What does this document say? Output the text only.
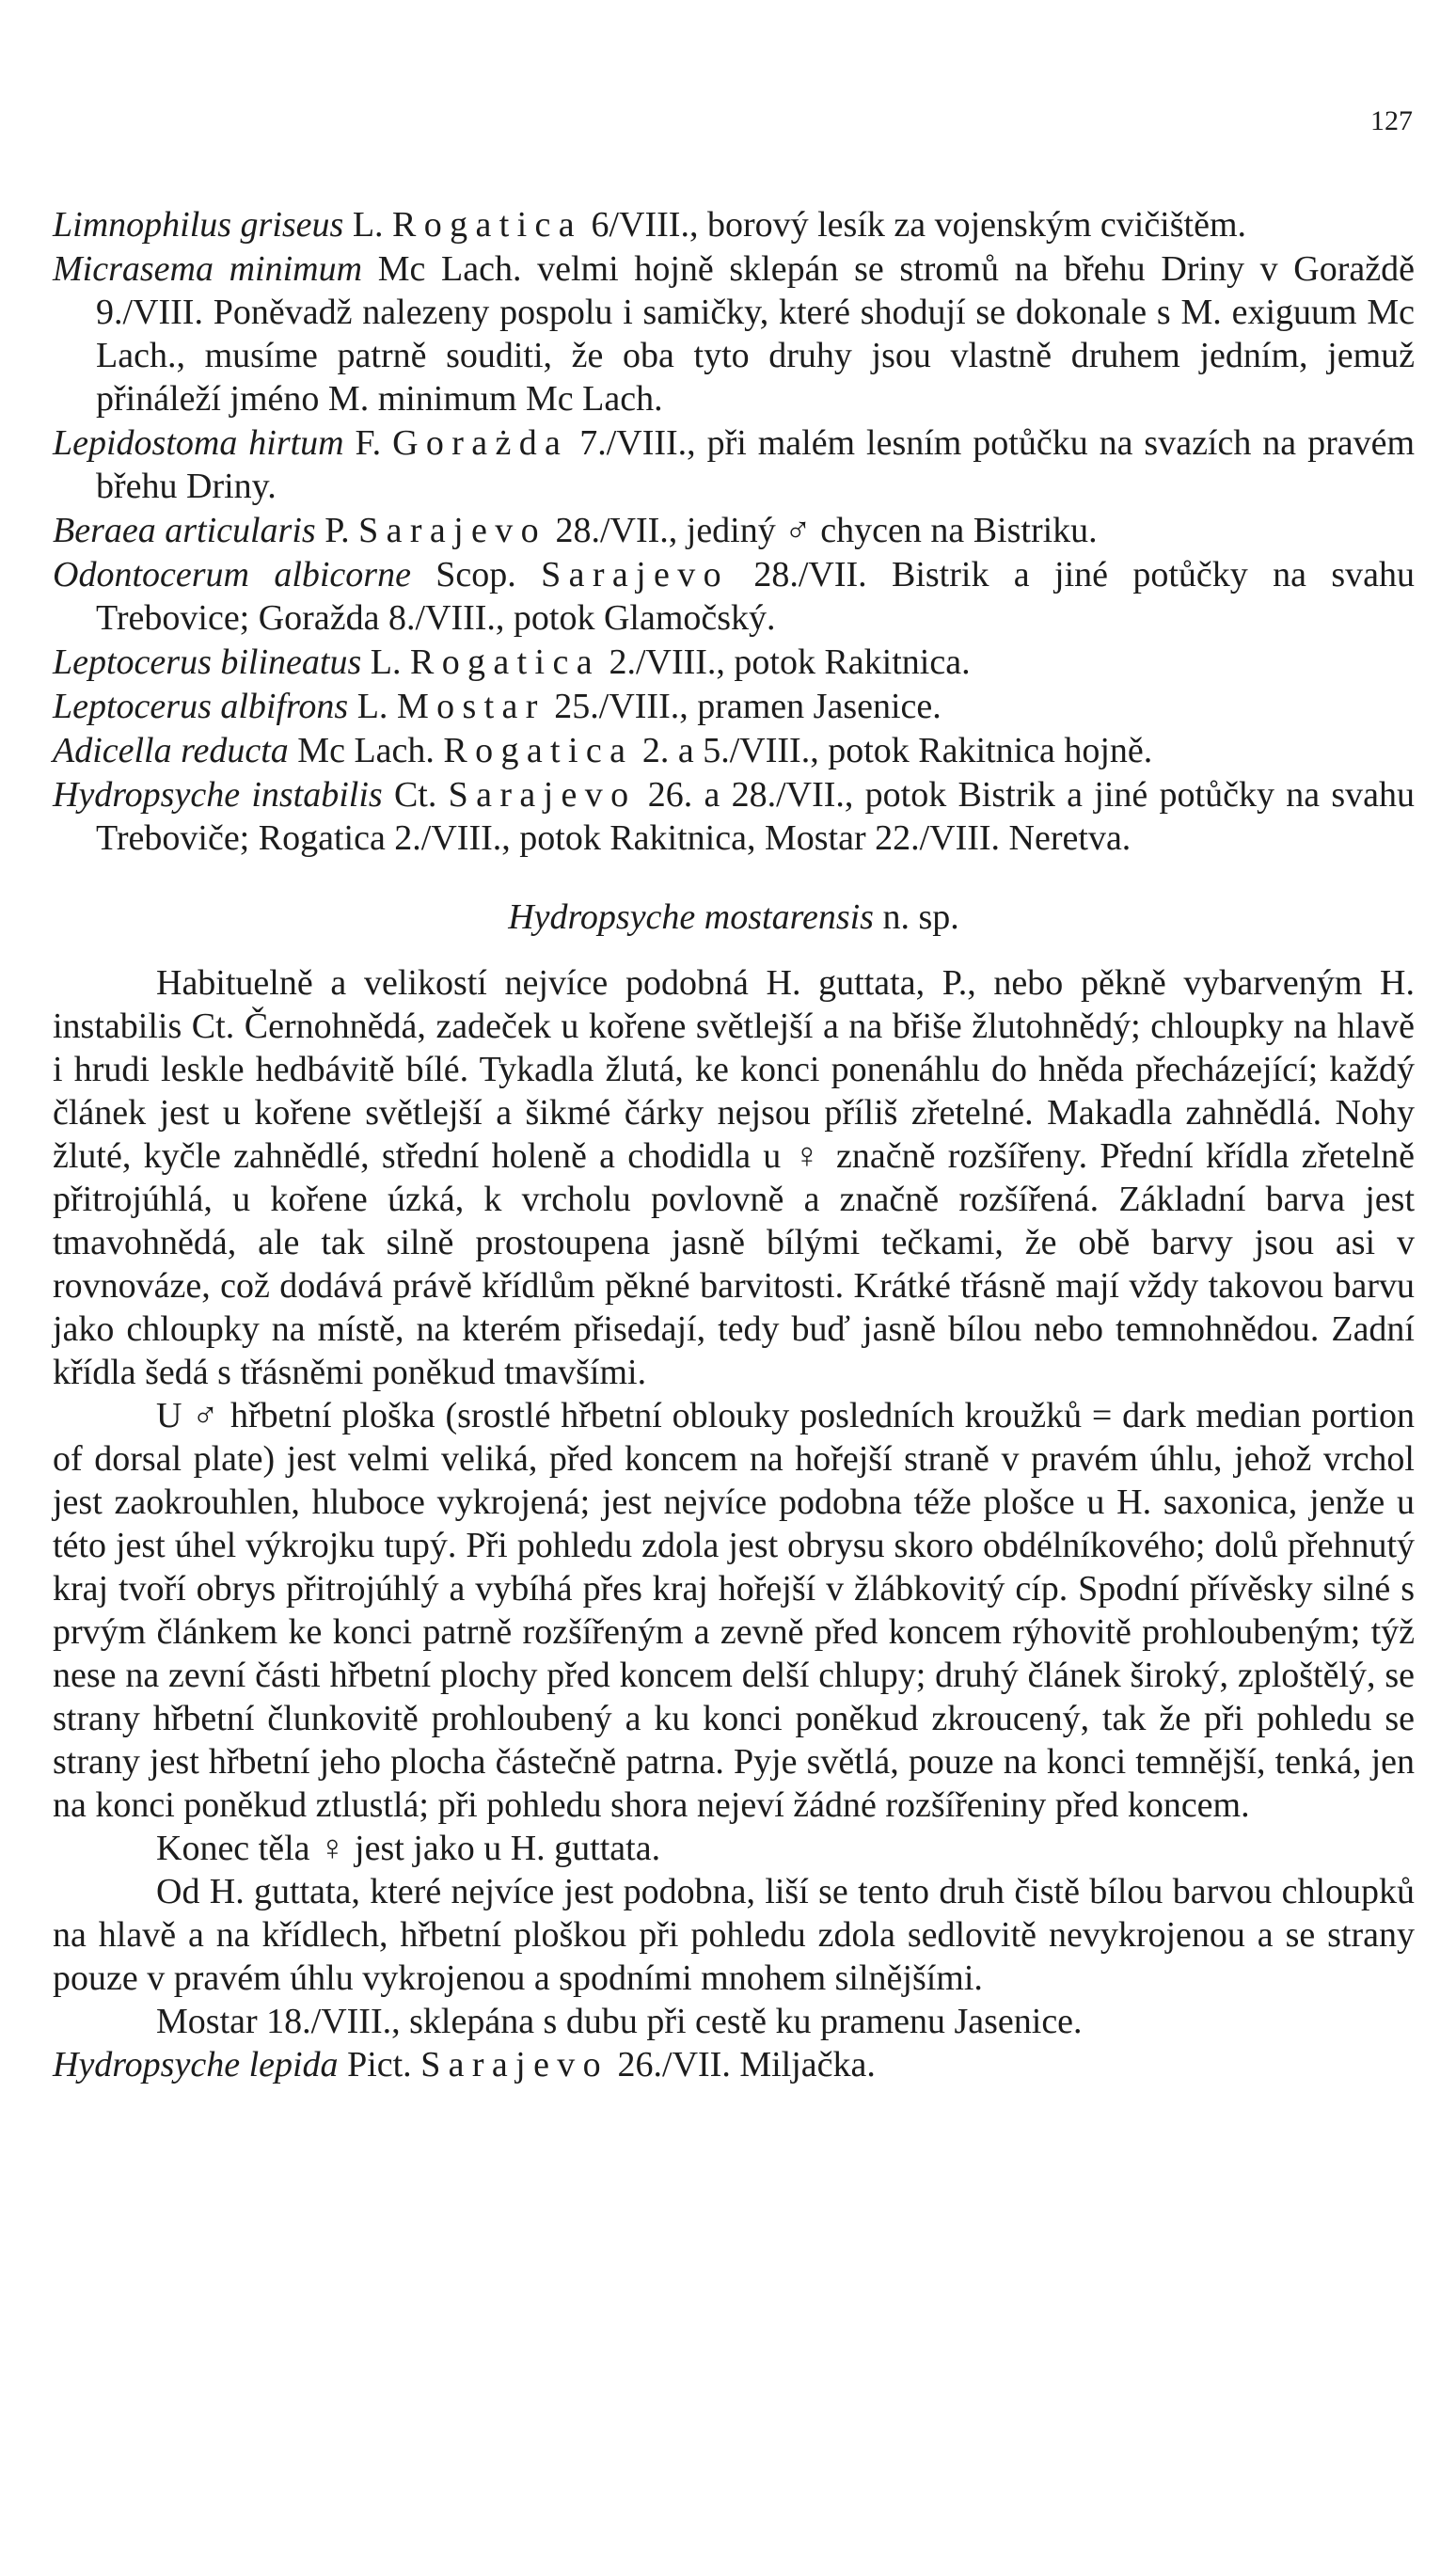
127

Limnophilus griseus L. Rogatica 6/VIII., borový lesík za vojenským cvičištěm.

Micrasema minimum Mc Lach. velmi hojně sklepán se stromů na břehu Driny v Goraždě 9./VIII. Poněvadž nalezeny pospolu i samičky, které shodují se dokonale s M. exiguum Mc Lach., musíme patrně souditi, že oba tyto druhy jsou vlastně druhem jedním, jemuž přináleží jméno M. minimum Mc Lach.

Lepidostoma hirtum F. Gorażda 7./VIII., při malém lesním potůčku na svazích na pravém břehu Driny.

Beraea articularis P. Sarajevo 28./VII., jediný ♂ chycen na Bistriku.

Odontocerum albicorne Scop. Sarajevo 28./VII. Bistrik a jiné potůčky na svahu Trebovice; Goražda 8./VIII., potok Glamočský.

Leptocerus bilineatus L. Rogatica 2./VIII., potok Rakitnica.

Leptocerus albifrons L. Mostar 25./VIII., pramen Jasenice.

Adicella reducta Mc Lach. Rogatica 2. a 5./VIII., potok Rakitnica hojně.

Hydropsyche instabilis Ct. Sarajevo 26. a 28./VII., potok Bistrik a jiné potůčky na svahu Treboviče; Rogatica 2./VIII., potok Rakitnica, Mostar 22./VIII. Neretva.

Hydropsyche mostarensis n. sp.

Habituelně a velikostí nejvíce podobná H. guttata, P., nebo pěkně vybarveným H. instabilis Ct. Černohnědá, zadeček u kořene světlejší a na břiše žlutohnědý; chloupky na hlavě i hrudi leskle hedbávitě bílé. Tykadla žlutá, ke konci ponenáhlu do hněda přecházející; každý článek jest u kořene světlejší a šikmé čárky nejsou příliš zřetelné. Makadla zahnědlá. Nohy žluté, kyčle zahnědlé, střední holeně a chodidla u ♀ značně rozšířeny. Přední křídla zřetelně přitrojúhlá, u kořene úzká, k vrcholu povlovně a značně rozšířená. Základní barva jest tmavohnědá, ale tak silně prostoupena jasně bílými tečkami, že obě barvy jsou asi v rovnováze, což dodává právě křídlům pěkné barvitosti. Krátké třásně mají vždy takovou barvu jako chloupky na místě, na kterém přisedají, tedy buď jasně bílou nebo temnohnědou. Zadní křídla šedá s třásněmi poněkud tmavšími.

U ♂ hřbetní ploška (srostlé hřbetní oblouky posledních kroužků = dark median portion of dorsal plate) jest velmi veliká, před koncem na hořejší straně v pravém úhlu, jehož vrchol jest zaokrouhlen, hluboce vykrojená; jest nejvíce podobna téže plošce u H. saxonica, jenže u této jest úhel výkrojku tupý. Při pohledu zdola jest obrysu skoro obdélníkového; dolů přehnutý kraj tvoří obrys přitrojúhlý a vybíhá přes kraj hořejší v žlábkovitý cíp. Spodní přívěsky silné s prvým článkem ke konci patrně rozšířeným a zevně před koncem rýhovitě prohloubeným; týž nese na zevní části hřbetní plochy před koncem delší chlupy; druhý článek široký, zploštělý, se strany hřbetní člunkovitě prohloubený a ku konci poněkud zkroucený, tak že při pohledu se strany jest hřbetní jeho plocha částečně patrna. Pyje světlá, pouze na konci temnější, tenká, jen na konci poněkud ztlustlá; při pohledu shora nejeví žádné rozšířeniny před koncem.

Konec těla ♀ jest jako u H. guttata.

Od H. guttata, které nejvíce jest podobna, liší se tento druh čistě bílou barvou chloupků na hlavě a na křídlech, hřbetní ploškou při pohledu zdola sedlovitě nevykrojenou a se strany pouze v pravém úhlu vykrojenou a spodními mnohem silnějšími.

Mostar 18./VIII., sklepána s dubu při cestě ku pramenu Jasenice.

Hydropsyche lepida Pict. Sarajevo 26./VII. Miljačka.
